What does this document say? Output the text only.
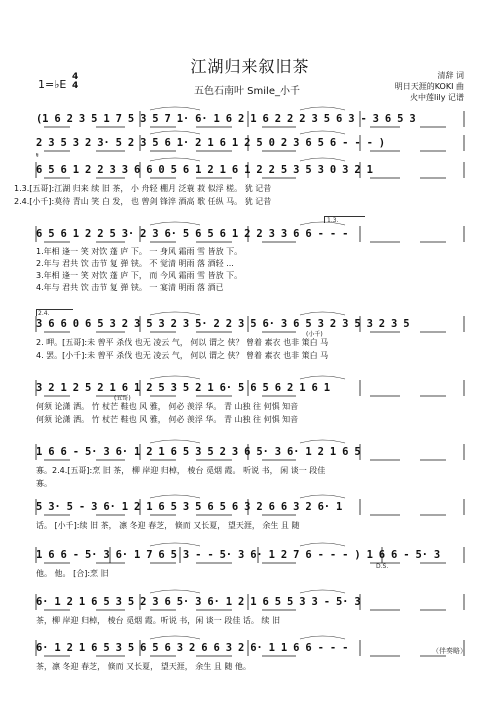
江湖归来叙旧茶
1=♭E
4
4	五色石南叶 Smile_小千
清辞 词
明日天涯的KOKI 曲
火中莲lily 记谱
(1 6 2 3 5 1 7 5 3 5 7 1· 6· 1 6 2 1 6 2 2 2 3 5 6 3 - 3 6 5 3
2 3 5 3 2 3· 5 2 3 5 6 1· 2 1 6 1 2 5 0 2 3 6 5 6 - - - )
𝄋
6 5 6 1 2 2 3 3 6 6 0 5 6 1 2 1 6 1 2 2 5 3 5 3 0 3 2 1
1.3.[五哥]:江湖 归来 续 旧 茶， 小 舟轻 棚月 泛蓑 菽 似浮 槎。 犹 记昔
2.4.[小千]:莫待 青山 笑 白 发， 也 曾剑 锋淬 酒高 歌 任纵 马。 犹 记昔
1.3.
6 5 6 1 2 2 5 3· 2 3 6· 5 6 5 6 1 2 2 3 3 6 6 - - -
1.年相 逢一 笑 对饮 蓬 庐 下。 一 身风 霜雨 雪 皆放 下。
2.年与 君共 饮 击节 复 弹 铗。 不 觉清 明雨 落 酒轻 ...
3.年相 逢一 笑 对饮 蓬 庐 下， 而 今风 霜雨 雪 皆放 下。
4.年与 君共 饮 击节 复 弹 铗。 一 宴清 明雨 落 酒已
2.4.
3 6 6 0 6 5 3 2 3 5 3 2 3 5· 2 2 3 5 6· 3 6 5 3 2 3 5 3 2 3 5
(小千)
2. 呷。[五哥]:未 曾平 杀伐 也无 凌云 气， 何以 谓之 侠？ 曾着 素衣 也非 策白 马
4. 罢。[小千]:未 曾平 杀伐 也无 凌云 气， 何以 谓之 侠？ 曾着 素衣 也非 策白 马
3 2 1 2 5 2 1 6 1 2 5 3 5 2 1 6· 5 6 5 6 2 1 6 1
(五哥)
何须 论潇 洒。 竹 杖芒 鞋也 风 雅， 何必 羡浮 华。 青 山独 往 何惧 知音
何须 论潇 洒。 竹 杖芒 鞋也 风 雅， 何必 羡浮 华。 青 山独 往 何惧 知音
1 6 6 - 5· 3 6· 1 2 1 6 5 3 5 2 3 6 5· 3 6· 1 2 1 6 5
寡。2.4.[五哥]:烹 旧 茶， 柳 岸迎 归棹， 棱台 觅烟 霞。 听说 书， 闲 谈一 段佳
寡。
5 3· 5 - 3 6· 1 2 1 6 5 3 5 6 5 6 3 2 6 6 3 2 6· 1
话。 [小千]:续 旧 茶， 凛 冬迎 春芝， 倏而 又长夏， 望天涯， 余生 且 随
1 6 6 - 5· 3 6· 1 7 6 5 3 - - 5· 3 6· 1 2 7 6 - - - ) 1 6 6 - 5· 3
D.S.
他。 他。 [合]:烹 旧
6· 1 2 1 6 5 3 5 2 3 6 5· 3 6· 1 2 1 6 5 5 3 3 - 5· 3
茶，柳 岸迎 归棹， 棱台 觅烟 霞。听说 书，闲 谈一 段佳 话。 续 旧
6· 1 2 1 6 5 3 5 6 5 6 3 2 6 6 3 2 6· 1 1 6 6 - - -
茶，凛 冬迎 春芝， 倏而 又长夏， 望天涯， 余生 且 随 他。
（伴奏略）
